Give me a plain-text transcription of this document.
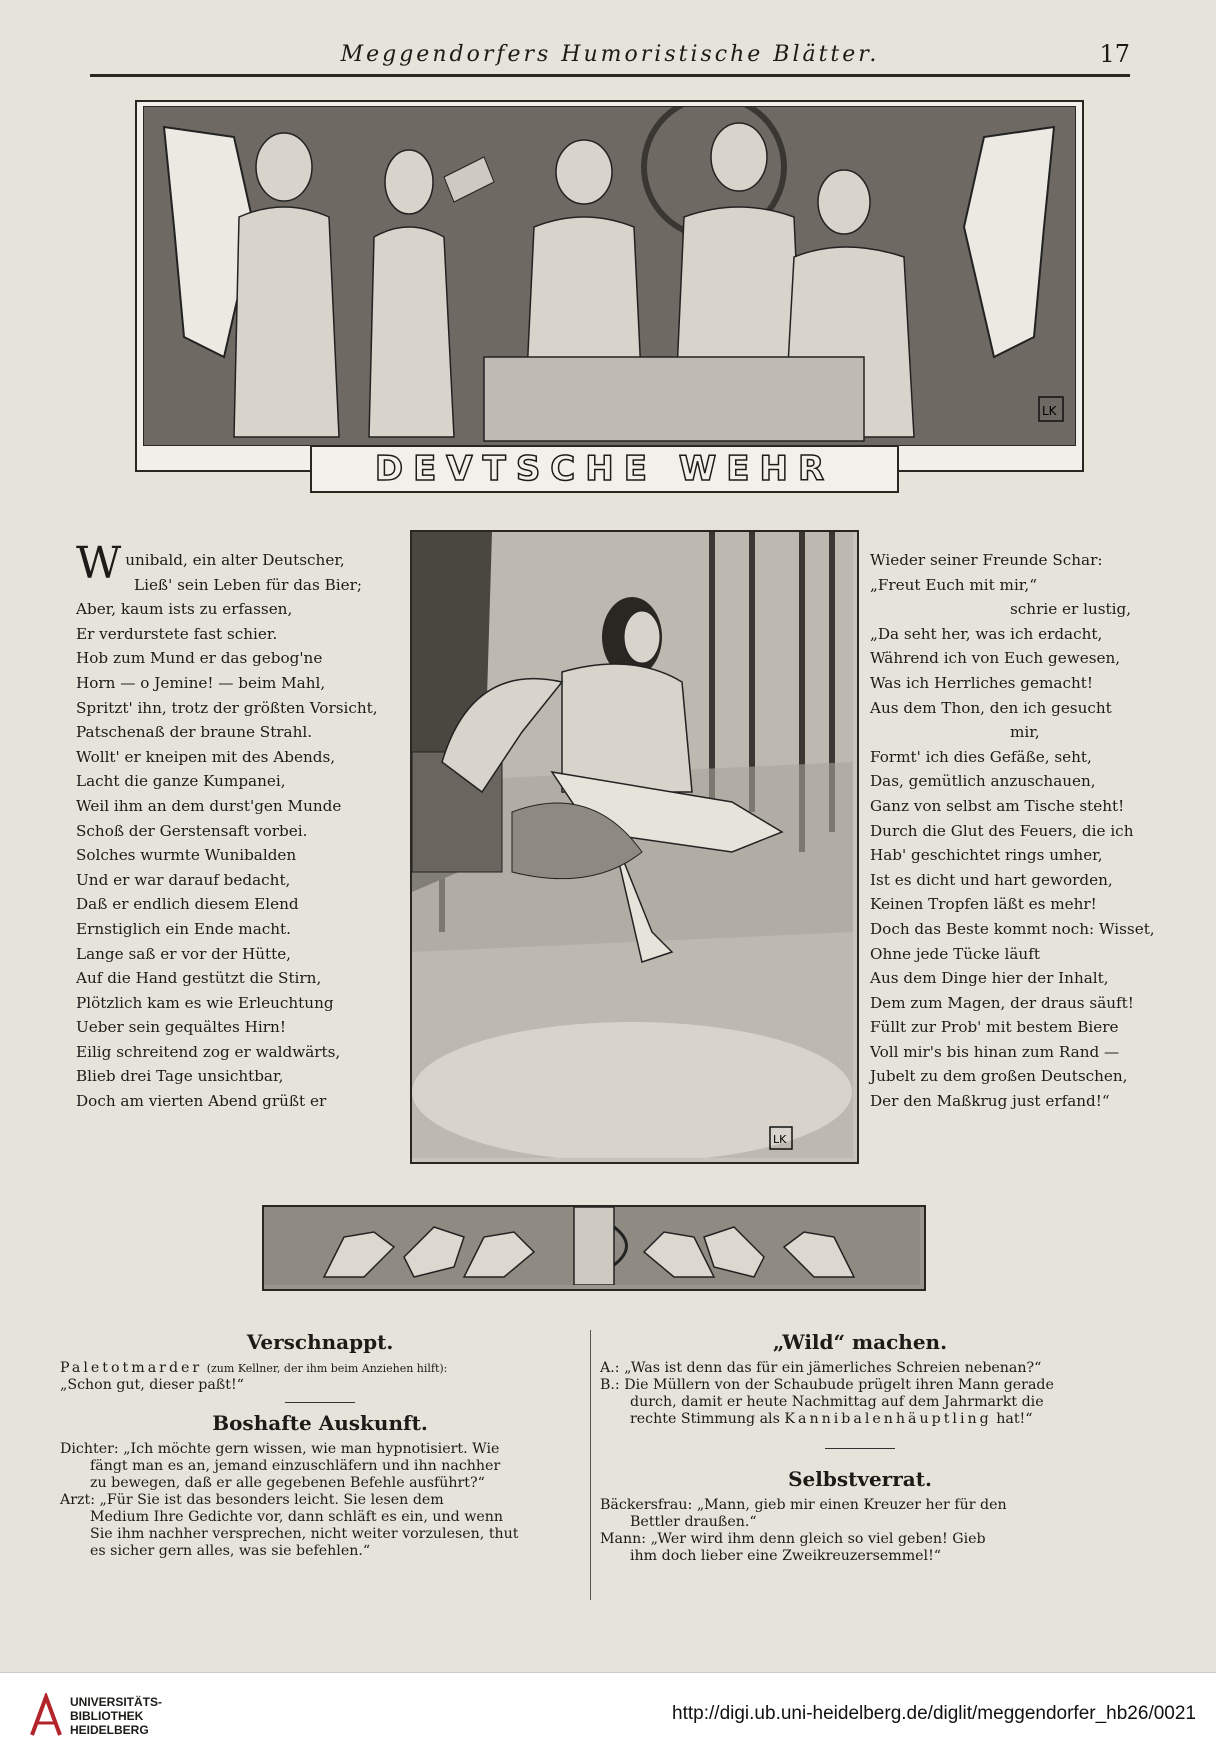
Meggendorfers Humoristische Blätter.	17
LK
DEVTSCHE WEHR
W unibald, ein alter Deutscher,
Ließ' sein Leben für das Bier;
Aber, kaum ists zu erfassen,
Er verdurstete fast schier.
Hob zum Mund er das gebog'ne
Horn — o Jemine! — beim Mahl,
Spritzt' ihn, trotz der größten Vorsicht,
Patschenaß der braune Strahl.
Wollt' er kneipen mit des Abends,
Lacht die ganze Kumpanei,
Weil ihm an dem durst'gen Munde
Schoß der Gerstensaft vorbei.
Solches wurmte Wunibalden
Und er war darauf bedacht,
Daß er endlich diesem Elend
Ernstiglich ein Ende macht.
Lange saß er vor der Hütte,
Auf die Hand gestützt die Stirn,
Plötzlich kam es wie Erleuchtung
Ueber sein gequältes Hirn!
Eilig schreitend zog er waldwärts,
Blieb drei Tage unsichtbar,
Doch am vierten Abend grüßt er
LK
Wieder seiner Freunde Schar:
„Freut Euch mit mir,“
schrie er lustig,
„Da seht her, was ich erdacht,
Während ich von Euch gewesen,
Was ich Herrliches gemacht!
Aus dem Thon, den ich gesucht
mir,
Formt' ich dies Gefäße, seht,
Das, gemütlich anzuschauen,
Ganz von selbst am Tische steht!
Durch die Glut des Feuers, die ich
Hab' geschichtet rings umher,
Ist es dicht und hart geworden,
Keinen Tropfen läßt es mehr!
Doch das Beste kommt noch: Wisset,
Ohne jede Tücke läuft
Aus dem Dinge hier der Inhalt,
Dem zum Magen, der draus säuft!
Füllt zur Prob' mit bestem Biere
Voll mir's bis hinan zum Rand —
Jubelt zu dem großen Deutschen,
Der den Maßkrug just erfand!“
Verschnappt.
Paletotmarder (zum Kellner, der ihm beim Anziehen hilft):
„Schon gut, dieser paßt!“
Boshafte Auskunft.
Dichter: „Ich möchte gern wissen, wie man hypnotisiert. Wie
fängt man es an, jemand einzuschläfern und ihn nachher
zu bewegen, daß er alle gegebenen Befehle ausführt?“
Arzt: „Für Sie ist das besonders leicht. Sie lesen dem
Medium Ihre Gedichte vor, dann schläft es ein, und wenn
Sie ihm nachher versprechen, nicht weiter vorzulesen, thut
es sicher gern alles, was sie befehlen.“
„Wild“ machen.
A.: „Was ist denn das für ein jämerliches Schreien nebenan?“
B.: Die Müllern von der Schaubude prügelt ihren Mann gerade
durch, damit er heute Nachmittag auf dem Jahrmarkt die
rechte Stimmung als Kannibalenhäuptling hat!“
Selbstverrat.
Bäckersfrau: „Mann, gieb mir einen Kreuzer her für den
Bettler draußen.“
Mann: „Wer wird ihm denn gleich so viel geben! Gieb
ihm doch lieber eine Zweikreuzersemmel!“
UNIVERSITÄTS-
BIBLIOTHEK
HEIDELBERG
http://digi.ub.uni-heidelberg.de/diglit/meggendorfer_hb26/0021
